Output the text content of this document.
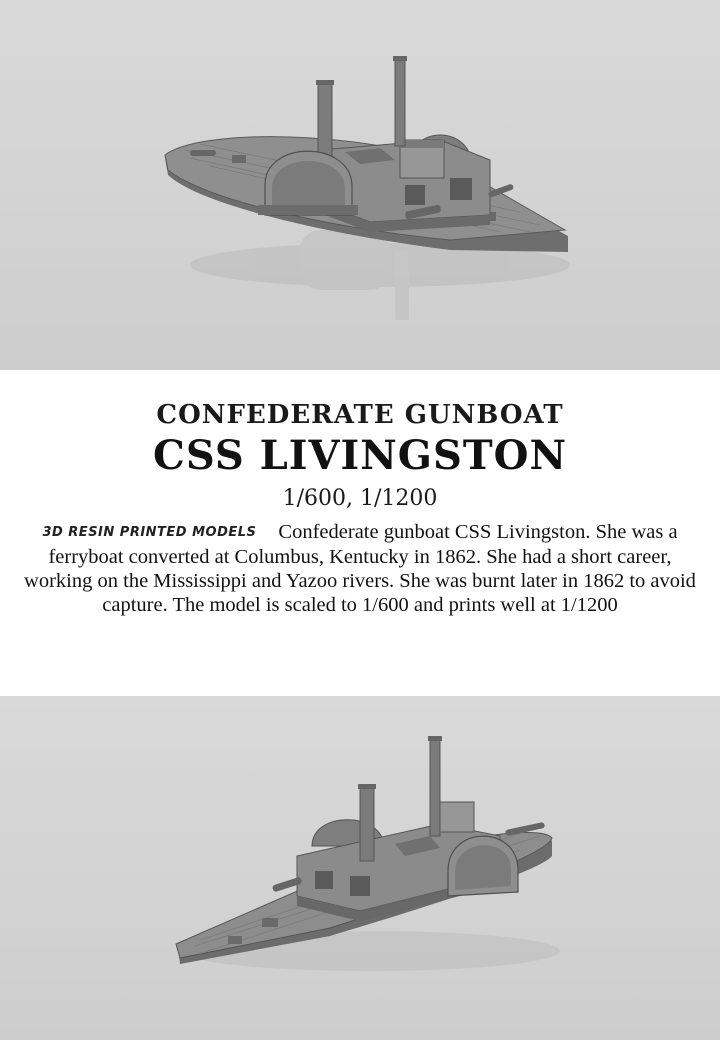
CONFEDERATE GUNBOAT
CSS LIVINGSTON
1/600, 1/1200
3D RESIN PRINTED MODELS Confederate gunboat CSS Livingston. She was a ferryboat converted at Columbus, Kentucky in 1862. She had a short career, working on the Mississippi and Yazoo rivers. She was burnt later in 1862 to avoid capture. The model is scaled to 1/600 and prints well at 1/1200
